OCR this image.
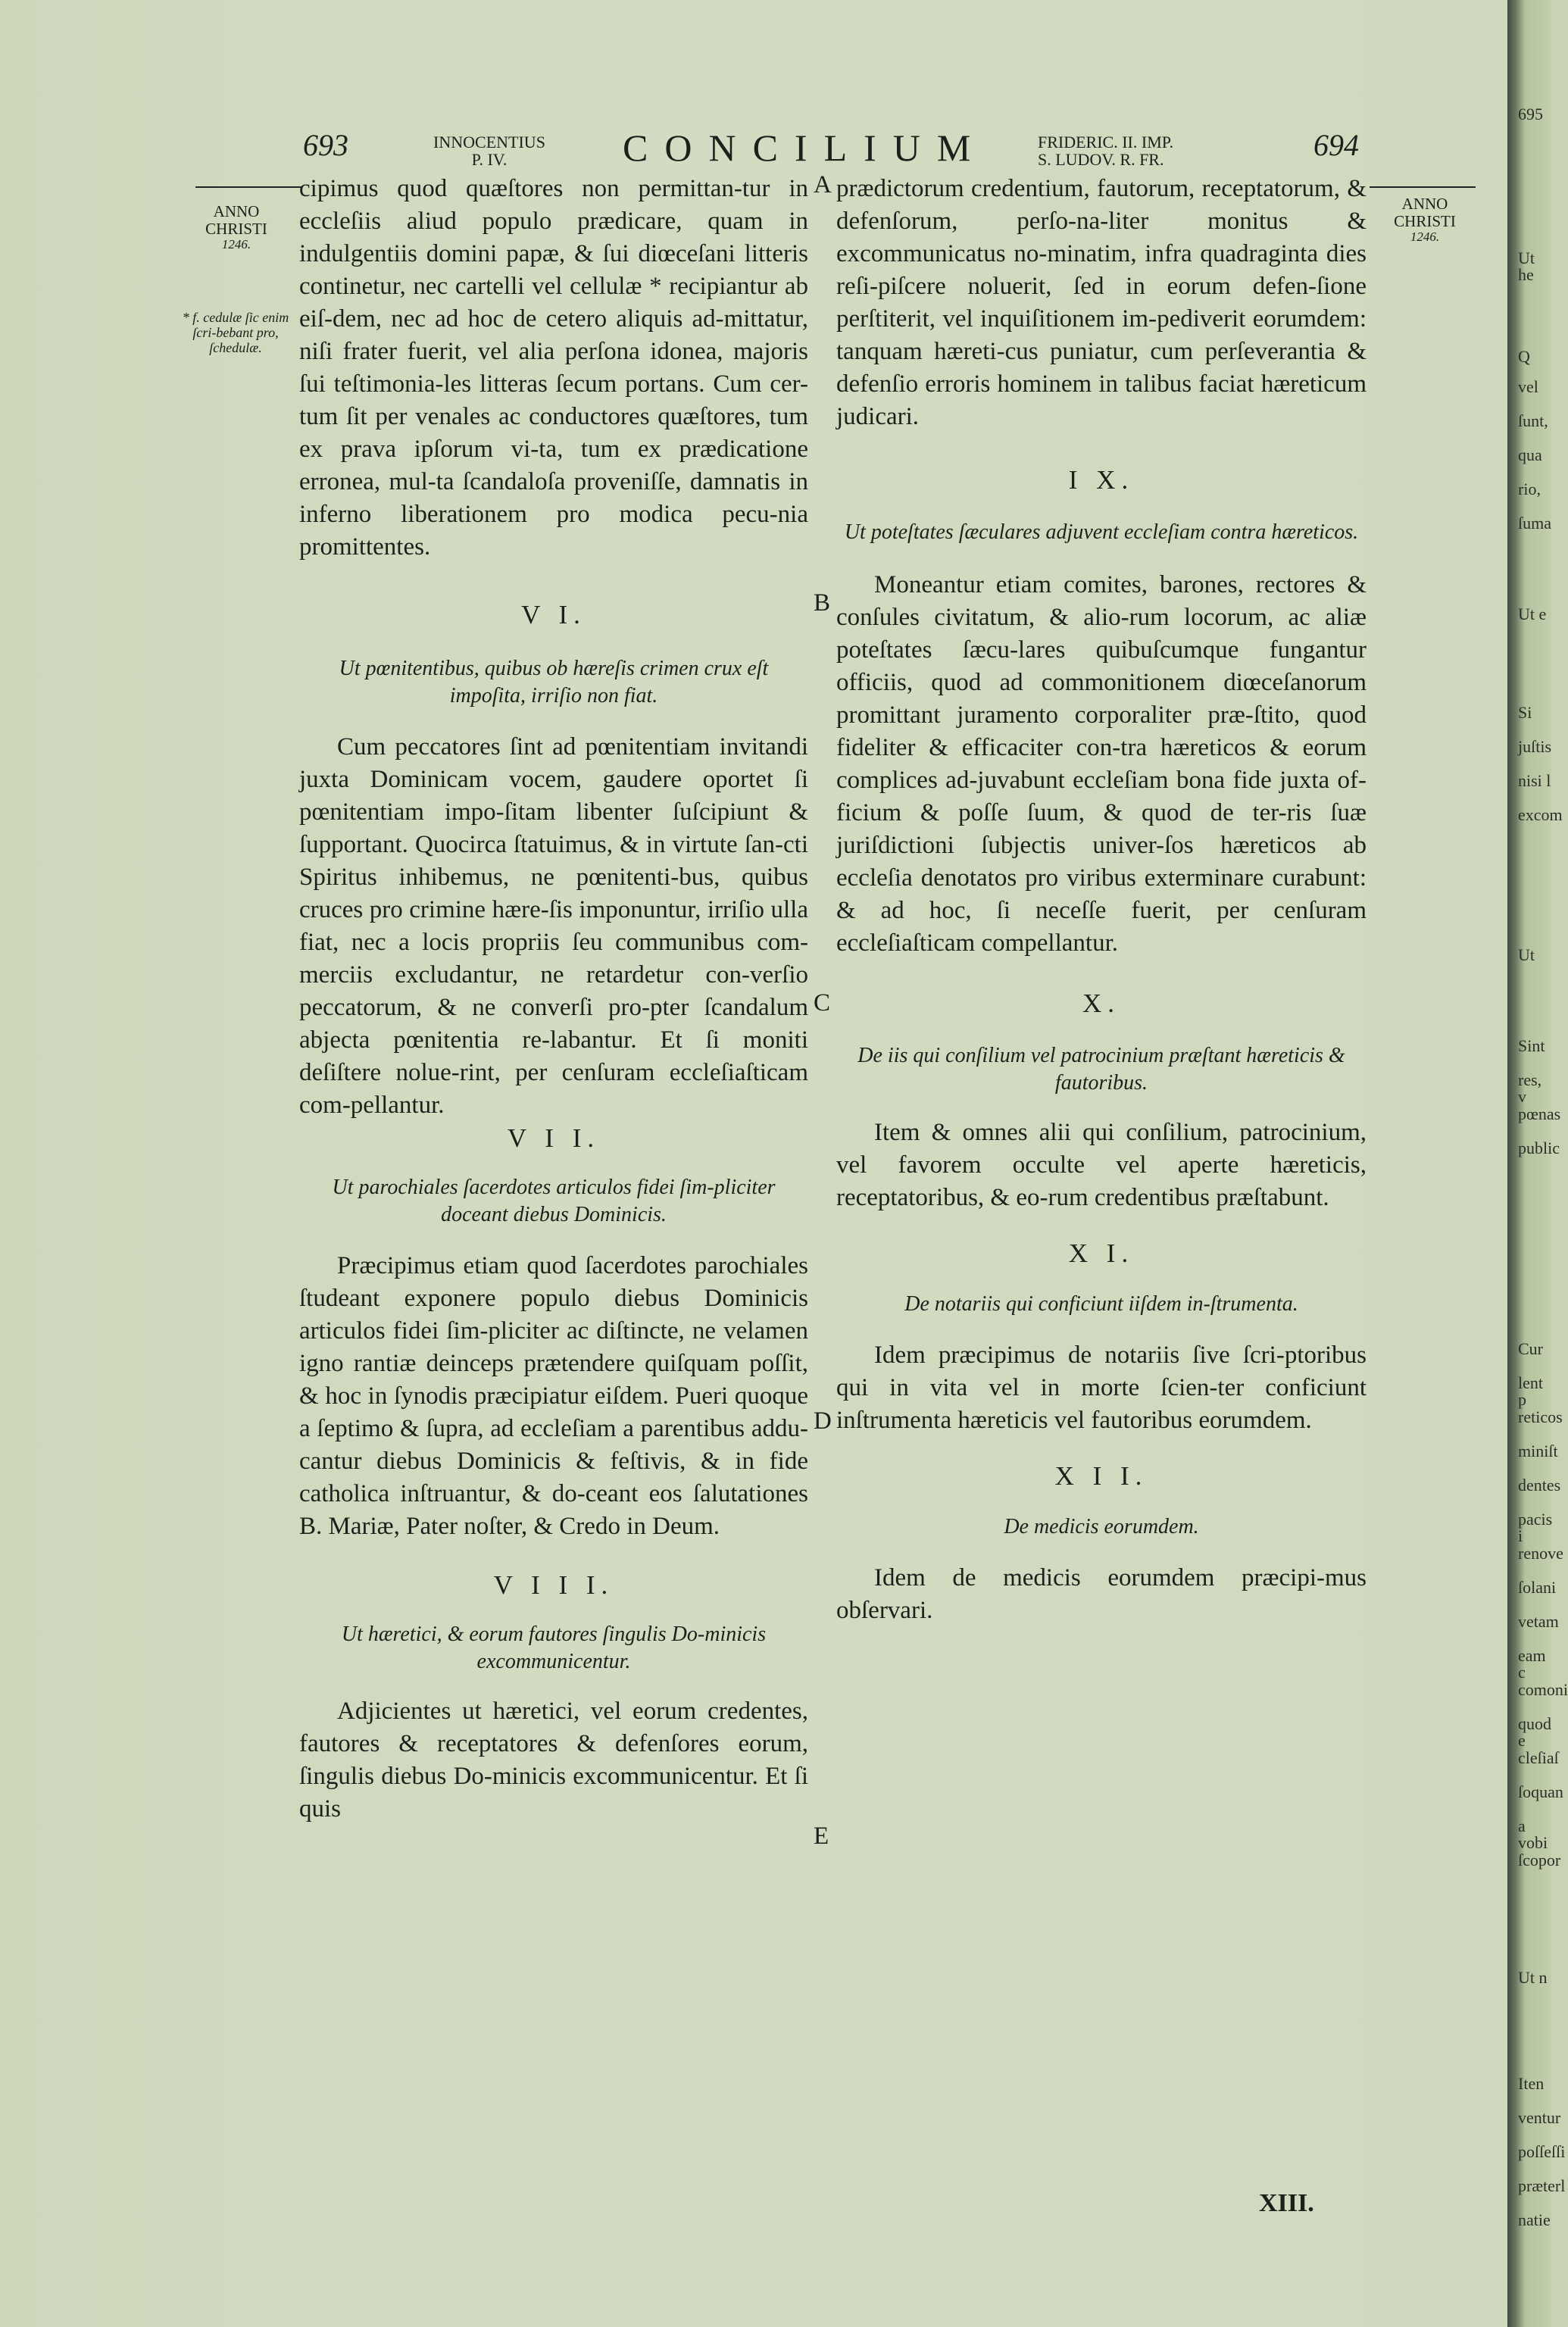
693	INNOCENTIUS
P. IV.	CONCILIUM	FRIDERIC. II. IMP.
S. LUDOV. R. FR.	694
ANNO
CHRISTI
1246.
* f. cedulæ ſic enim ſcri-bebant pro, ſchedulæ.
ANNO
CHRISTI
1246.
A
B
C
D
E

cipimus quod quæſtores non permittan-tur in eccleſiis aliud populo prædicare, quam in indulgentiis domini papæ, & ſui diœceſani litteris continetur, nec cartelli vel cellulæ * recipiantur ab eiſ-dem, nec ad hoc de cetero aliquis ad-mittatur, niſi frater fuerit, vel alia perſona idonea, majoris ſui teſtimonia-les litteras ſecum portans. Cum cer-tum ſit per venales ac conductores quæſtores, tum ex prava ipſorum vi-ta, tum ex prædicatione erronea, mul-ta ſcandaloſa proveniſſe, damnatis in inferno liberationem pro modica pecu-nia promittentes.

V I.

Ut pœnitentibus, quibus ob hæreſis crimen crux eſt impoſita, irriſio non fiat.

Cum peccatores ſint ad pœnitentiam invitandi juxta Dominicam vocem, gaudere oportet ſi pœnitentiam impo-ſitam libenter ſuſcipiunt & ſupportant. Quocirca ſtatuimus, & in virtute ſan-cti Spiritus inhibemus, ne pœnitenti-bus, quibus cruces pro crimine hære-ſis imponuntur, irriſio ulla fiat, nec a locis propriis ſeu communibus com-merciis excludantur, ne retardetur con-verſio peccatorum, & ne converſi pro-pter ſcandalum abjecta pœnitentia re-labantur. Et ſi moniti deſiſtere nolue-rint, per cenſuram eccleſiaſticam com-pellantur.

V I I.

Ut parochiales ſacerdotes articulos fidei ſim-pliciter doceant diebus Dominicis.

Præcipimus etiam quod ſacerdotes parochiales ſtudeant exponere populo diebus Dominicis articulos fidei ſim-pliciter ac diſtincte, ne velamen igno rantiæ deinceps prætendere quiſquam poſſit, & hoc in ſynodis præcipiatur eiſdem. Pueri quoque a ſeptimo & ſupra, ad eccleſiam a parentibus addu-cantur diebus Dominicis & feſtivis, & in fide catholica inſtruantur, & do-ceant eos ſalutationes B. Mariæ, Pater noſter, & Credo in Deum.

V I I I.

Ut hæretici, & eorum fautores ſingulis Do-minicis excommunicentur.

Adjicientes ut hæretici, vel eorum credentes, fautores & receptatores & defenſores eorum, ſingulis diebus Do-minicis excommunicentur. Et ſi quis

prædictorum credentium, fautorum, receptatorum, & defenſorum, perſo-na-liter monitus & excommunicatus no-minatim, infra quadraginta dies reſi-piſcere noluerit, ſed in eorum defen-ſione perſtiterit, vel inquiſitionem im-pediverit eorumdem: tanquam hæreti-cus puniatur, cum perſeverantia & defenſio erroris hominem in talibus faciat hæreticum judicari.

I X.

Ut poteſtates ſæculares adjuvent eccleſiam contra hæreticos.

Moneantur etiam comites, barones, rectores & conſules civitatum, & alio-rum locorum, ac aliæ poteſtates ſæcu-lares quibuſcumque fungantur officiis, quod ad commonitionem diœceſanorum promittant juramento corporaliter præ-ſtito, quod fideliter & efficaciter con-tra hæreticos & eorum complices ad-juvabunt eccleſiam bona fide juxta of-ficium & poſſe ſuum, & quod de ter-ris ſuæ juriſdictioni ſubjectis univer-ſos hæreticos ab eccleſia denotatos pro viribus exterminare curabunt: & ad hoc, ſi neceſſe fuerit, per cenſuram eccleſiaſticam compellantur.

X.

De iis qui conſilium vel patrocinium præſtant hæreticis & fautoribus.

Item & omnes alii qui conſilium, patrocinium, vel favorem occulte vel aperte hæreticis, receptatoribus, & eo-rum credentibus præſtabunt.

X I.

De notariis qui conficiunt iiſdem in-ſtrumenta.

Idem præcipimus de notariis ſive ſcri-ptoribus qui in vita vel in morte ſcien-ter conficiunt inſtrumenta hæreticis vel fautoribus eorumdem.

X I I.

De medicis eorumdem.

Idem de medicis eorumdem præcipi-mus obſervari.

XIII.
695
Ut he
Q
vel
ſunt,
qua
rio,
ſuma
Ut e
Si
juſtis
nisi l
excom
Ut
Sint
res, v
pœnas
public
Cur
lent p
reticos
miniſt
dentes
pacis i
renove
ſolani
vetam
eam c
comoni
quod e
cleſiaſ
ſoquan
a vobi
ſcopor
Ut n
Iten
ventur
poſſeſſi
præterl
natie
